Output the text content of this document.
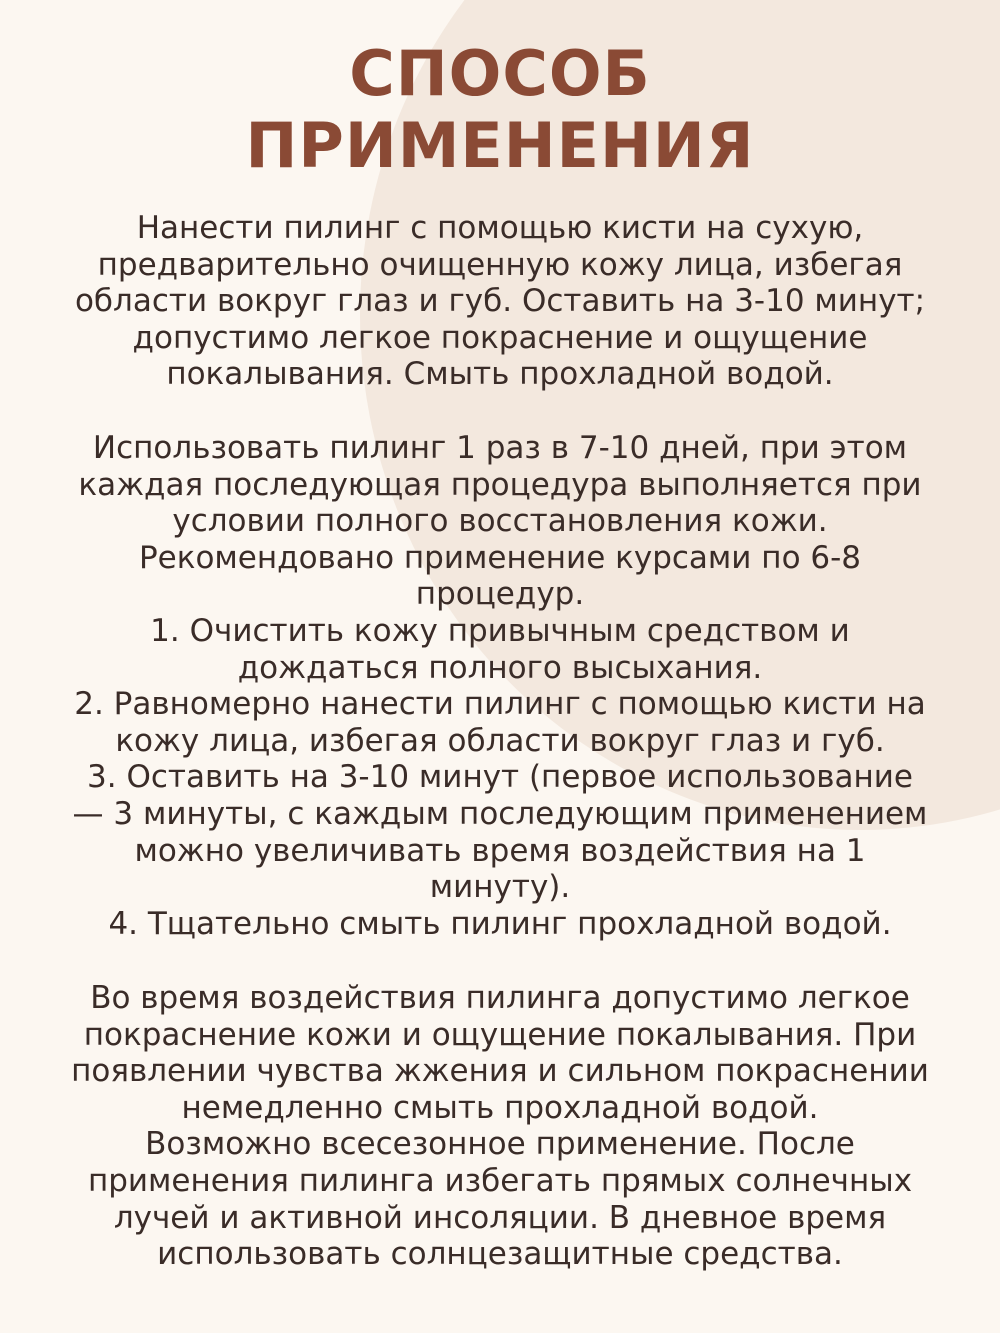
СПОСОБ
ПРИМЕНЕНИЯ
Нанести пилинг с помощью кисти на сухую,
предварительно очищенную кожу лица, избегая
области вокруг глаз и губ. Оставить на 3-10 минут;
допустимо легкое покраснение и ощущение
покалывания. Смыть прохладной водой.
Использовать пилинг 1 раз в 7-10 дней, при этом
каждая последующая процедура выполняется при
условии полного восстановления кожи.
Рекомендовано применение курсами по 6-8
процедур.
1. Очистить кожу привычным средством и
дождаться полного высыхания.
2. Равномерно нанести пилинг с помощью кисти на
кожу лица, избегая области вокруг глаз и губ.
3. Оставить на 3-10 минут (первое использование
— 3 минуты, с каждым последующим применением
можно увеличивать время воздействия на 1
минуту).
4. Тщательно смыть пилинг прохладной водой.
Во время воздействия пилинга допустимо легкое
покраснение кожи и ощущение покалывания. При
появлении чувства жжения и сильном покраснении
немедленно смыть прохладной водой.
Возможно всесезонное применение. После
применения пилинга избегать прямых солнечных
лучей и активной инсоляции. В дневное время
использовать солнцезащитные средства.
